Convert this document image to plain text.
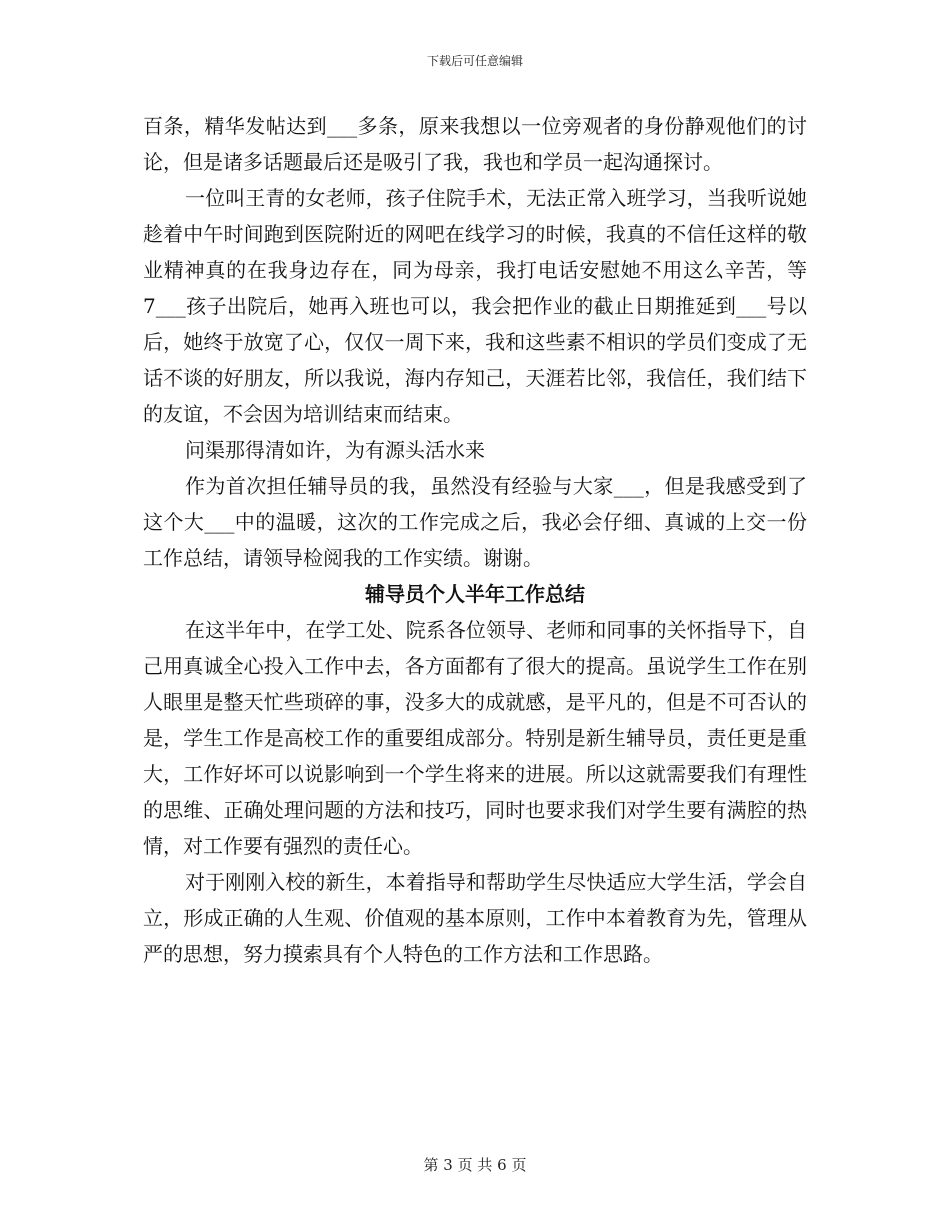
下载后可任意编辑

百条，精华发帖达到___多条，原来我想以一位旁观者的身份静观他们的讨论，但是诸多话题最后还是吸引了我，我也和学员一起沟通探讨。

一位叫王青的女老师，孩子住院手术，无法正常入班学习，当我听说她趁着中午时间跑到医院附近的网吧在线学习的时候，我真的不信任这样的敬业精神真的在我身边存在，同为母亲，我打电话安慰她不用这么辛苦，等7___孩子出院后，她再入班也可以，我会把作业的截止日期推延到___号以后，她终于放宽了心，仅仅一周下来，我和这些素不相识的学员们变成了无话不谈的好朋友，所以我说，海内存知己，天涯若比邻，我信任，我们结下的友谊，不会因为培训结束而结束。

问渠那得清如许，为有源头活水来

作为首次担任辅导员的我，虽然没有经验与大家___，但是我感受到了这个大___中的温暖，这次的工作完成之后，我必会仔细、真诚的上交一份工作总结，请领导检阅我的工作实绩。谢谢。

辅导员个人半年工作总结

在这半年中，在学工处、院系各位领导、老师和同事的关怀指导下，自己用真诚全心投入工作中去，各方面都有了很大的提高。虽说学生工作在别人眼里是整天忙些琐碎的事，没多大的成就感，是平凡的，但是不可否认的是，学生工作是高校工作的重要组成部分。特别是新生辅导员，责任更是重大，工作好坏可以说影响到一个学生将来的进展。所以这就需要我们有理性的思维、正确处理问题的方法和技巧，同时也要求我们对学生要有满腔的热情，对工作要有强烈的责任心。

对于刚刚入校的新生，本着指导和帮助学生尽快适应大学生活，学会自立，形成正确的人生观、价值观的基本原则，工作中本着教育为先，管理从严的思想，努力摸索具有个人特色的工作方法和工作思路。

第 3 页 共 6 页
